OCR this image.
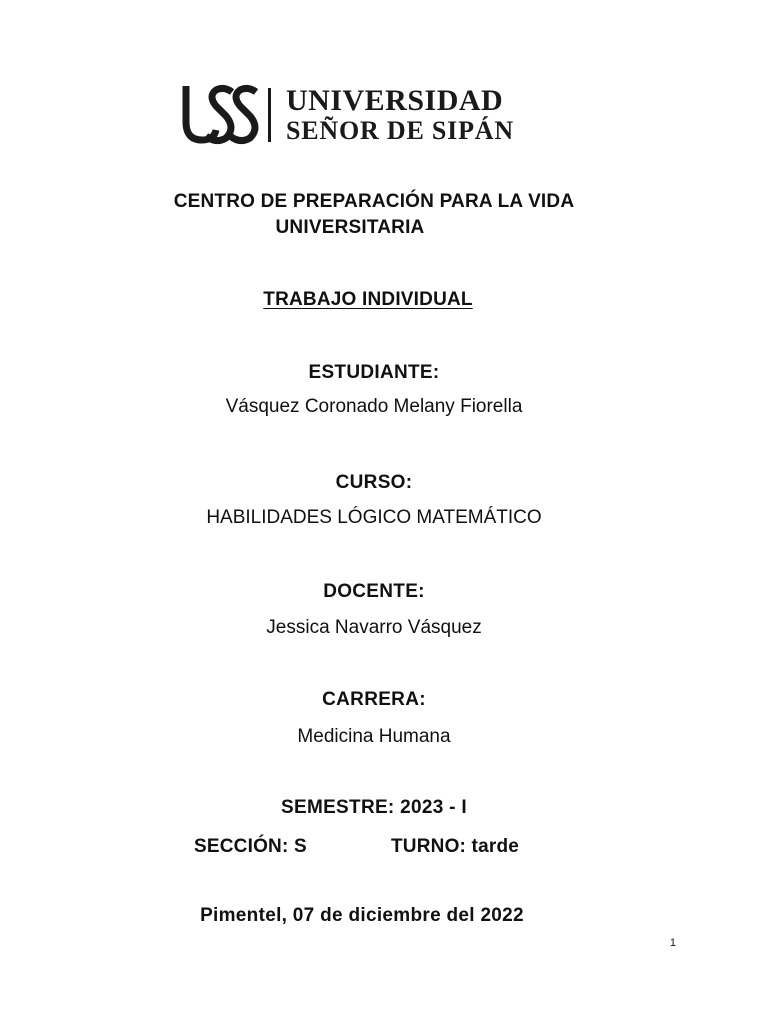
UNIVERSIDAD
SEÑOR DE SIPÁN
CENTRO DE PREPARACIÓN PARA LA VIDA
UNIVERSITARIA
TRABAJO INDIVIDUAL
ESTUDIANTE:
Vásquez Coronado Melany Fiorella
CURSO:
HABILIDADES LÓGICO MATEMÁTICO
DOCENTE:
Jessica Navarro Vásquez
CARRERA:
Medicina Humana
SEMESTRE: 2023 - I
SECCIÓN: S	TURNO: tarde
Pimentel, 07 de diciembre del 2022
1
